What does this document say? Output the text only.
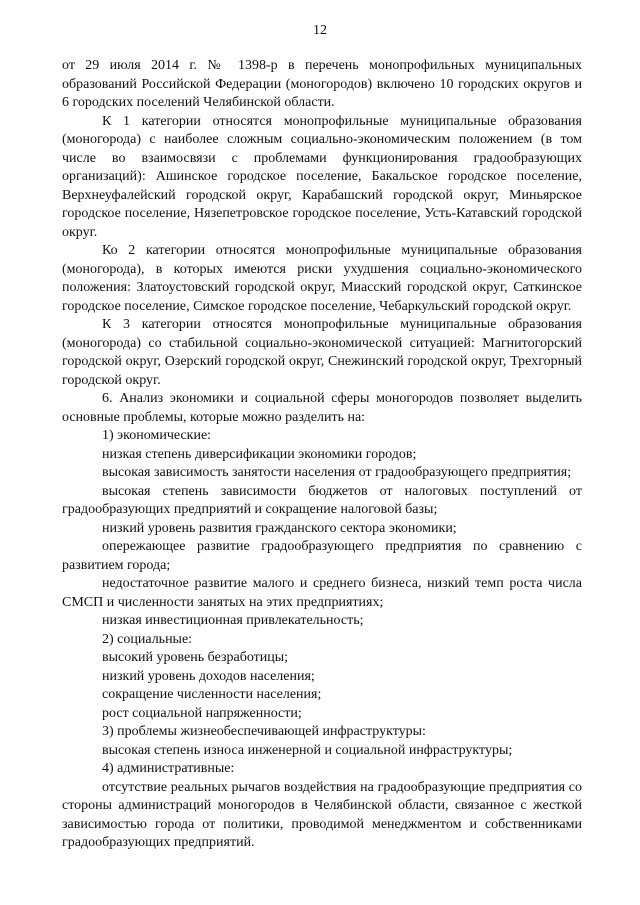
12

от 29 июля 2014 г. № 1398-р в перечень монопрофильных муниципальных образований Российской Федерации (моногородов) включено 10 городских округов и 6 городских поселений Челябинской области.

К 1 категории относятся монопрофильные муниципальные образования (моногорода) с наиболее сложным социально-экономическим положением (в том числе во взаимосвязи с проблемами функционирования градообразующих организаций): Ашинское городское поселение, Бакальское городское поселение, Верхнеуфалейский городской округ, Карабашский городской округ, Миньярское городское поселение, Нязепетровское городское поселение, Усть-Катавский городской округ.

Ко 2 категории относятся монопрофильные муниципальные образования (моногорода), в которых имеются риски ухудшения социально-экономического положения: Златоустовский городской округ, Миасский городской округ, Саткинское городское поселение, Симское городское поселение, Чебаркульский городской округ.

К 3 категории относятся монопрофильные муниципальные образования (моногорода) со стабильной социально-экономической ситуацией: Магнитогорский городской округ, Озерский городской округ, Снежинский городской округ, Трехгорный городской округ.

6. Анализ экономики и социальной сферы моногородов позволяет выделить основные проблемы, которые можно разделить на:

1) экономические:

низкая степень диверсификации экономики городов;

высокая зависимость занятости населения от градообразующего предприятия;

высокая степень зависимости бюджетов от налоговых поступлений от градообразующих предприятий и сокращение налоговой базы;

низкий уровень развития гражданского сектора экономики;

опережающее развитие градообразующего предприятия по сравнению с развитием города;

недостаточное развитие малого и среднего бизнеса, низкий темп роста числа СМСП и численности занятых на этих предприятиях;

низкая инвестиционная привлекательность;

2) социальные:

высокий уровень безработицы;

низкий уровень доходов населения;

сокращение численности населения;

рост социальной напряженности;

3) проблемы жизнеобеспечивающей инфраструктуры:

высокая степень износа инженерной и социальной инфраструктуры;

4) административные:

отсутствие реальных рычагов воздействия на градообразующие предприятия со стороны администраций моногородов в Челябинской области, связанное с жесткой зависимостью города от политики, проводимой менеджментом и собственниками градообразующих предприятий.
